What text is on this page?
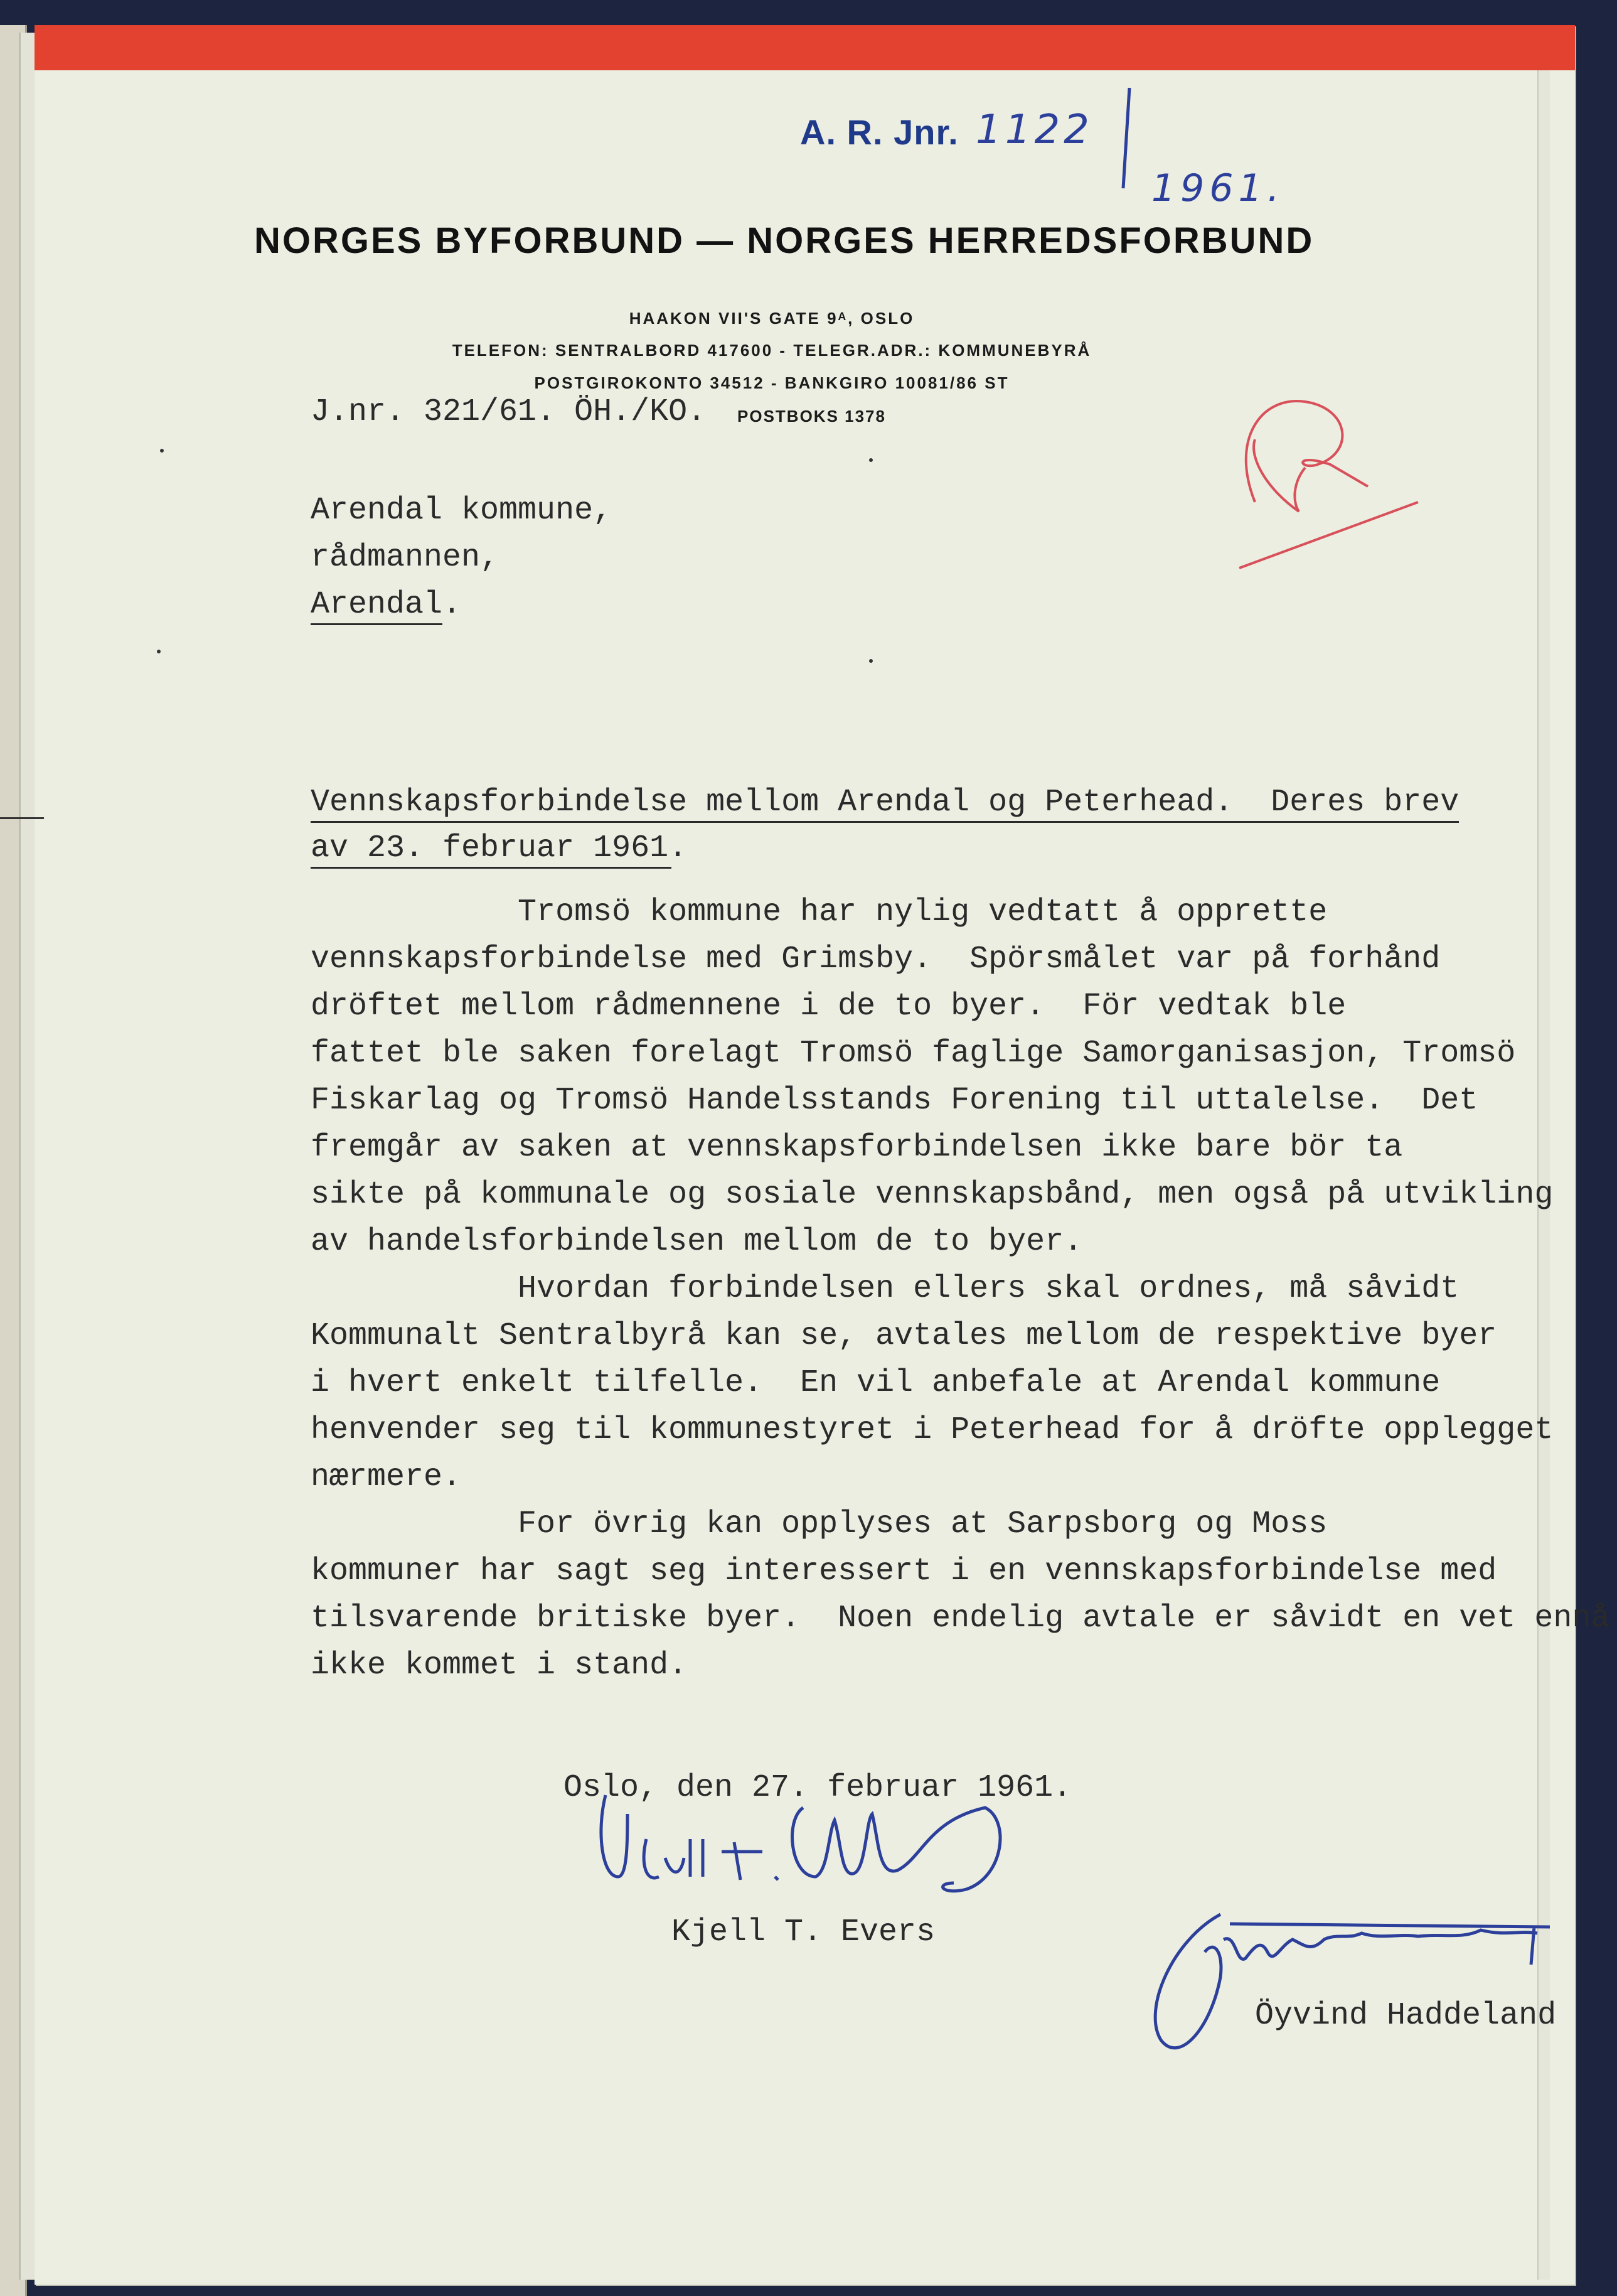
A. R. Jnr. 1122
1961.
NORGES BYFORBUND — NORGES HERREDSFORBUND
HAAKON VII'S GATE 9ᴬ, OSLO
TELEFON: SENTRALBORD 417600 - TELEGR.ADR.: KOMMUNEBYRÅ
POSTGIROKONTO 34512 - BANKGIRO 10081/86 ST
J.nr. 321/61. ÖH./KO. POSTBOKS 1378
Arendal kommune,
rådmannen,
Arendal.
Vennskapsforbindelse mellom Arendal og Peterhead.  Deres brev
av 23. februar 1961.
Tromsö kommune har nylig vedtatt å opprette
vennskapsforbindelse med Grimsby.  Spörsmålet var på forhånd
dröftet mellom rådmennene i de to byer.  För vedtak ble
fattet ble saken forelagt Tromsö faglige Samorganisasjon, Tromsö
Fiskarlag og Tromsö Handelsstands Forening til uttalelse.  Det
fremgår av saken at vennskapsforbindelsen ikke bare bör ta
sikte på kommunale og sosiale vennskapsbånd, men også på utvikling
av handelsforbindelsen mellom de to byer.
Hvordan forbindelsen ellers skal ordnes, må såvidt
Kommunalt Sentralbyrå kan se, avtales mellom de respektive byer
i hvert enkelt tilfelle.  En vil anbefale at Arendal kommune
henvender seg til kommunestyret i Peterhead for å dröfte opplegget
nærmere.
For övrig kan opplyses at Sarpsborg og Moss
kommuner har sagt seg interessert i en vennskapsforbindelse med
tilsvarende britiske byer.  Noen endelig avtale er såvidt en vet ennå
ikke kommet i stand.
Oslo, den 27. februar 1961.
Kjell T. Evers
Öyvind Haddeland
